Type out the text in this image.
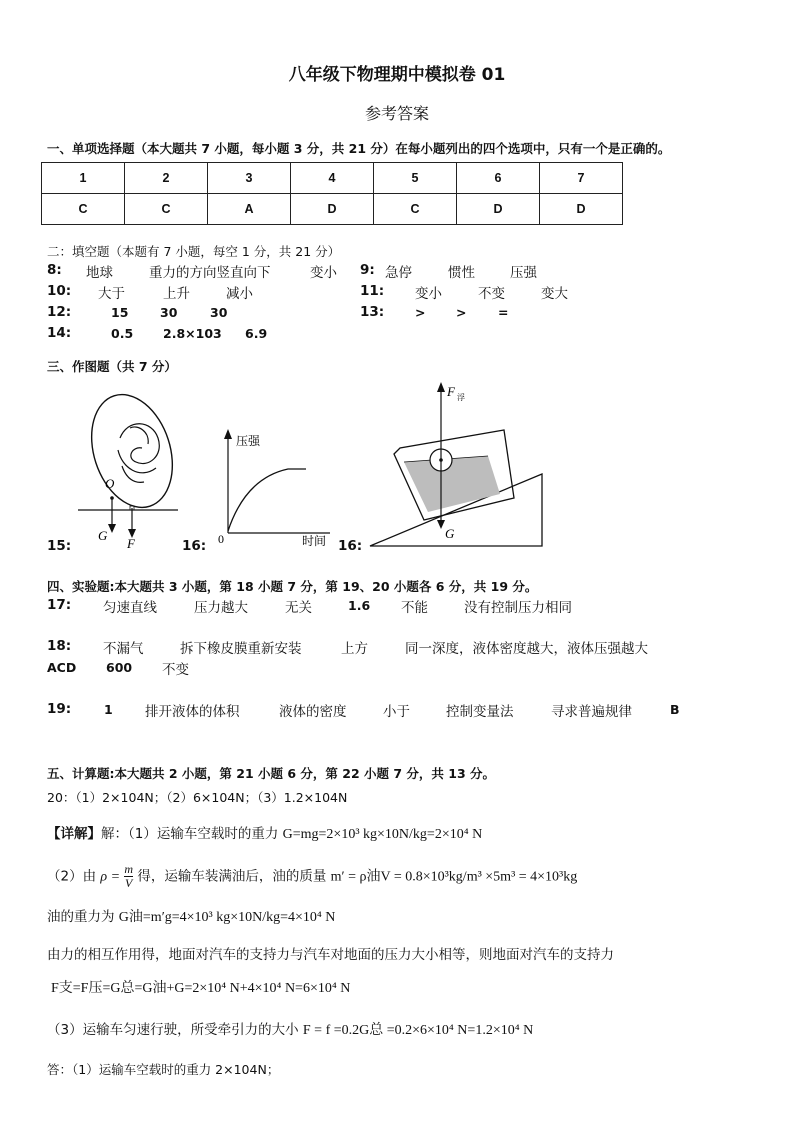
八年级下物理期中模拟卷 01
参考答案
一、单项选择题（本大题共 7 小题，每小题 3 分，共 21 分）在每小题列出的四个选项中，只有一个是正确的。
1	2	3	4	5	6	7
C	C	A	D	C	D	D
二：填空题（本题有 7 小题，每空 1 分，共 21 分）
8: 地球	重力的方向竖直向下	变小 9: 急停	惯性	压强
10: 大于	上升	减小	11: 变小	不变	变大
12:	15	30	30	13: > >	=
14:	0.5 2.8×103 6.9
三、作图题（共 7 分）
15:
O
G
F	16:
压强
0	时间 16:
F 浮
G
四、实验题:本大题共 3 小题，第 18 小题 7 分，第 19、20 小题各 6 分，共 19 分。
17: 匀速直线	压力越大	无关	1.6 不能	没有控制压力相同
18: 不漏气	拆下橡皮膜重新安装	上方	同一深度，液体密度越大，液体压强越大
ACD 600 不变
19:	1 排开液体的体积	液体的密度	小于	控制变量法	寻求普遍规律	B
五、计算题:本大题共 2 小题，第 21 小题 6 分，第 22 小题 7 分，共 13 分。
20：（1）2×104N；（2）6×104N；（3）1.2×104N
【详解】解：（1）运输车空载时的重力 G=mg=2×10³ kg×10N/kg=2×10⁴ N
（2）由 $\rho = \frac{m}{V}$ 得，运输车装满油后，油的质量 m′ = ρ油V = 0.8×10³kg/m³ ×5m³ = 4×10³kg
油的重力为 G油=m′g=4×10³ kg×10N/kg=4×10⁴ N
由力的相互作用得，地面对汽车的支持力与汽车对地面的压力大小相等，则地面对汽车的支持力
F支=F压=G总=G油+G=2×10⁴ N+4×10⁴ N=6×10⁴ N
（3）运输车匀速行驶，所受牵引力的大小 F = f =0.2G总 =0.2×6×10⁴ N=1.2×10⁴ N
答：（1）运输车空载时的重力 2×104N；
